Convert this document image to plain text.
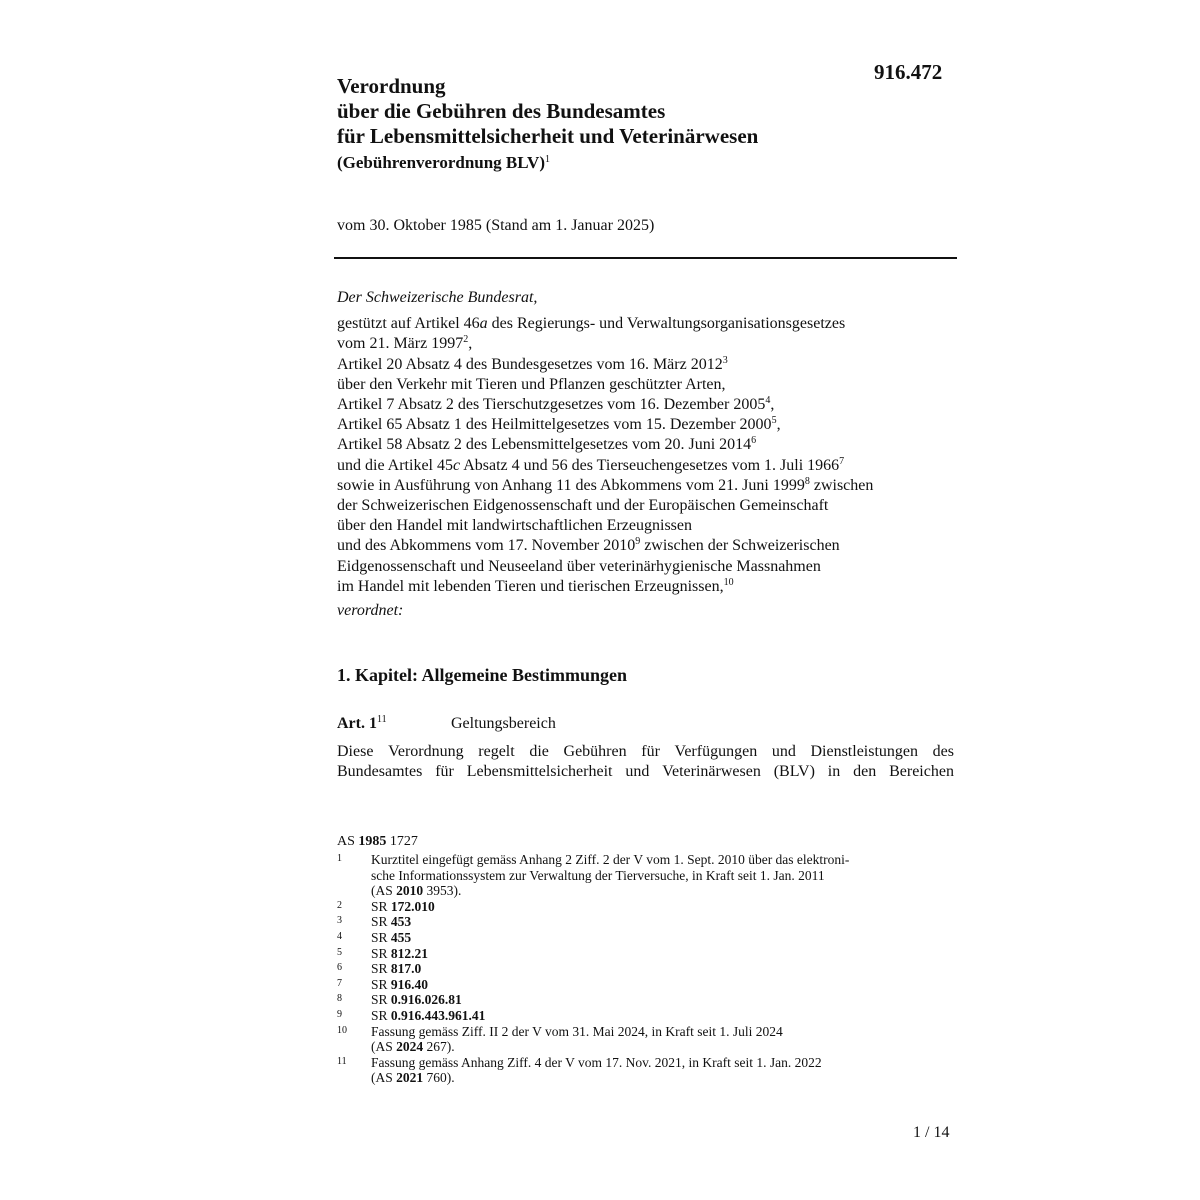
916.472
Verordnung
über die Gebühren des Bundesamtes
für Lebensmittelsicherheit und Veterinärwesen
(Gebührenverordnung BLV)$^1$
vom 30. Oktober 1985 (Stand am 1. Januar 2025)
Der Schweizerische Bundesrat,
gestützt auf Artikel 46a des Regierungs- und Verwaltungsorganisationsgesetzes
vom 21. März 1997$^2$,
Artikel 20 Absatz 4 des Bundesgesetzes vom 16. März 2012$^3$
über den Verkehr mit Tieren und Pflanzen geschützter Arten,
Artikel 7 Absatz 2 des Tierschutzgesetzes vom 16. Dezember 2005$^4$,
Artikel 65 Absatz 1 des Heilmittelgesetzes vom 15. Dezember 2000$^5$,
Artikel 58 Absatz 2 des Lebensmittelgesetzes vom 20. Juni 2014$^6$
und die Artikel 45c Absatz 4 und 56 des Tierseuchengesetzes vom 1. Juli 1966$^7$
sowie in Ausführung von Anhang 11 des Abkommens vom 21. Juni 1999$^8$ zwischen
der Schweizerischen Eidgenossenschaft und der Europäischen Gemeinschaft
über den Handel mit landwirtschaftlichen Erzeugnissen
und des Abkommens vom 17. November 2010$^9$ zwischen der Schweizerischen
Eidgenossenschaft und Neuseeland über veterinärhygienische Massnahmen
im Handel mit lebenden Tieren und tierischen Erzeugnissen,$^{10}$
verordnet:
1. Kapitel: Allgemeine Bestimmungen
Art. $1^{11}$	Geltungsbereich
Diese Verordnung regelt die Gebühren für Verfügungen und Dienstleistungen des
Bundesamtes für Lebensmittelsicherheit und Veterinärwesen (BLV) in den Bereichen
AS 1985 1727
1 Kurztitel eingefügt gemäss Anhang 2 Ziff. 2 der V vom 1. Sept. 2010 über das elektroni-
sche Informationssystem zur Verwaltung der Tierversuche, in Kraft seit 1. Jan. 2011
(AS 2010 3953).
2 SR 172.010
3 SR 453
4 SR 455
5 SR 812.21
6 SR 817.0
7 SR 916.40
8 SR 0.916.026.81
9 SR 0.916.443.961.41
10 Fassung gemäss Ziff. II 2 der V vom 31. Mai 2024, in Kraft seit 1. Juli 2024
(AS 2024 267).
11 Fassung gemäss Anhang Ziff. 4 der V vom 17. Nov. 2021, in Kraft seit 1. Jan. 2022
(AS 2021 760).
1 / 14
